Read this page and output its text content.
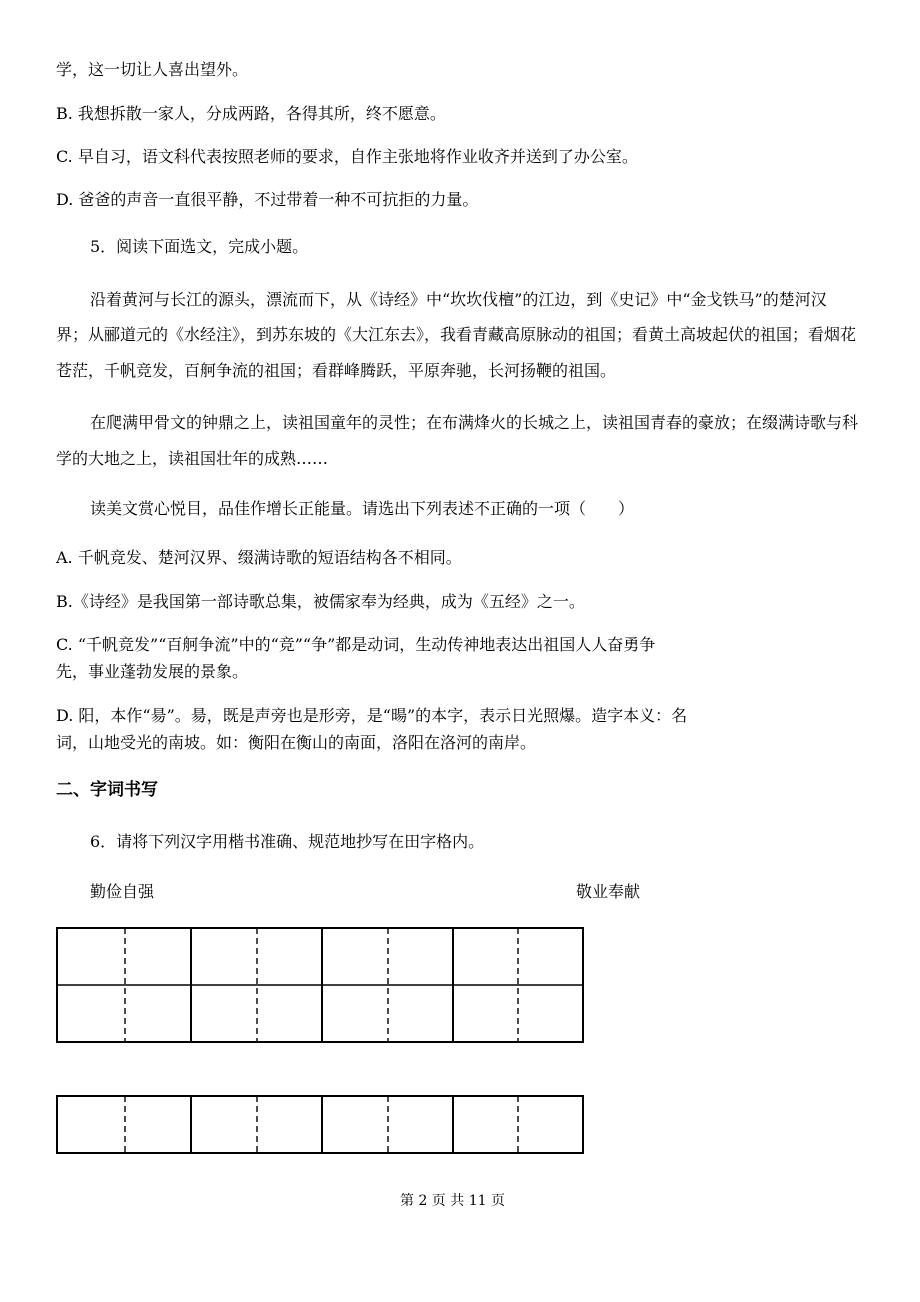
学，这一切让人喜出望外。
B. 我想拆散一家人，分成两路，各得其所，终不愿意。
C. 早自习，语文科代表按照老师的要求，自作主张地将作业收齐并送到了办公室。
D. 爸爸的声音一直很平静，不过带着一种不可抗拒的力量。
5．阅读下面选文，完成小题。
沿着黄河与长江的源头，漂流而下，从《诗经》中“坎坎伐檀”的江边，到《史记》中“金戈铁马”的楚河汉
界；从郦道元的《水经注》，到苏东坡的《大江东去》，我看青藏高原脉动的祖国；看黄土高坡起伏的祖国；看烟花
苍茫，千帆竞发，百舸争流的祖国；看群峰腾跃，平原奔驰，长河扬鞭的祖国。
在爬满甲骨文的钟鼎之上，读祖国童年的灵性；在布满烽火的长城之上，读祖国青春的豪放；在缀满诗歌与科
学的大地之上，读祖国壮年的成熟……
读美文赏心悦目，品佳作增长正能量。请选出下列表述不正确的一项（　　）
A. 千帆竞发、楚河汉界、缀满诗歌的短语结构各不相同。
B.《诗经》是我国第一部诗歌总集，被儒家奉为经典，成为《五经》之一。
C. “千帆竞发”“百舸争流”中的“竞”“争”都是动词，生动传神地表达出祖国人人奋勇争
先，事业蓬勃发展的景象。
D. 阳，本作“昜”。昜，既是声旁也是形旁，是“暘”的本字，表示日光照爆。造字本义：名
词，山地受光的南坡。如：衡阳在衡山的南面，洛阳在洛河的南岸。
二、字词书写
6．请将下列汉字用楷书准确、规范地抄写在田字格内。
勤俭自强	敬业奉献
第 2 页 共 11 页
